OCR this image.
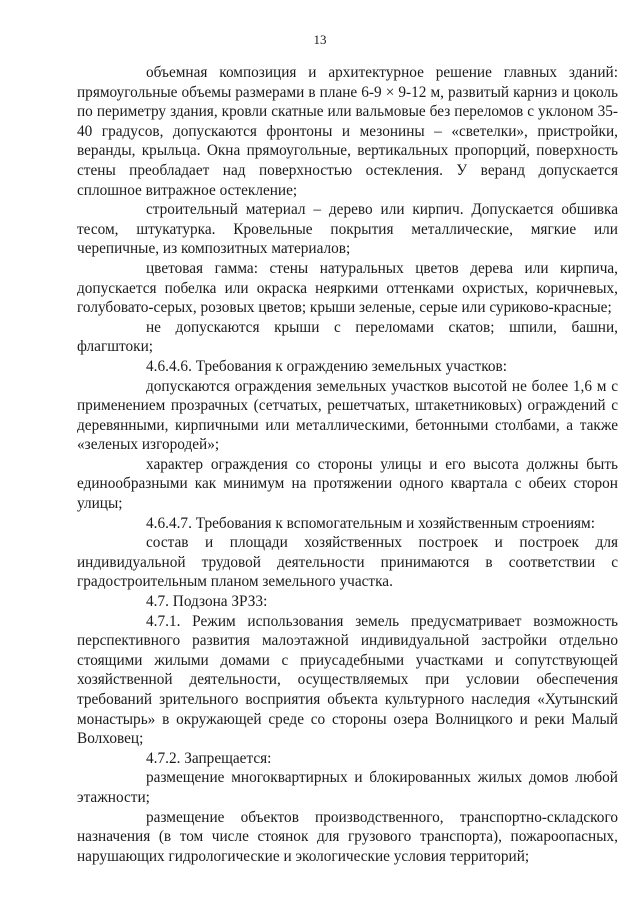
13

объемная композиция и архитектурное решение главных зданий: прямоугольные объемы размерами в плане 6-9 × 9-12 м, развитый карниз и цоколь по периметру здания, кровли скатные или вальмовые без переломов с уклоном 35-40 градусов, допускаются фронтоны и мезонины – «светелки», пристройки, веранды, крыльца. Окна прямоугольные, вертикальных пропорций, поверхность стены преобладает над поверхностью остекления. У веранд допускается сплошное витражное остекление;

строительный материал – дерево или кирпич. Допускается обшивка тесом, штукатурка. Кровельные покрытия металлические, мягкие или черепичные, из композитных материалов;

цветовая гамма: стены натуральных цветов дерева или кирпича, допускается побелка или окраска неяркими оттенками охристых, коричневых, голубовато-серых, розовых цветов; крыши зеленые, серые или суриково-красные;

не допускаются крыши с переломами скатов; шпили, башни, флагштоки;

4.6.4.6. Требования к ограждению земельных участков:

допускаются ограждения земельных участков высотой не более 1,6 м с применением прозрачных (сетчатых, решетчатых, штакетниковых) ограждений с деревянными, кирпичными или металлическими, бетонными столбами, а также «зеленых изгородей»;

характер ограждения со стороны улицы и его высота должны быть единообразными как минимум на протяжении одного квартала с обеих сторон улицы;

4.6.4.7. Требования к вспомогательным и хозяйственным строениям:

состав и площади хозяйственных построек и построек для индивидуальной трудовой деятельности принимаются в соответствии с градостроительным планом земельного участка.

4.7. Подзона ЗРЗ3:

4.7.1. Режим использования земель предусматривает возможность перспективного развития малоэтажной индивидуальной застройки отдельно стоящими жилыми домами с приусадебными участками и сопутствующей хозяйственной деятельности, осуществляемых при условии обеспечения требований зрительного восприятия объекта культурного наследия «Хутынский монастырь» в окружающей среде со стороны озера Волницкого и реки Малый Волховец;

4.7.2. Запрещается:

размещение многоквартирных и блокированных жилых домов любой этажности;

размещение объектов производственного, транспортно-складского назначения (в том числе стоянок для грузового транспорта), пожароопасных, нарушающих гидрологические и экологические условия территорий;
